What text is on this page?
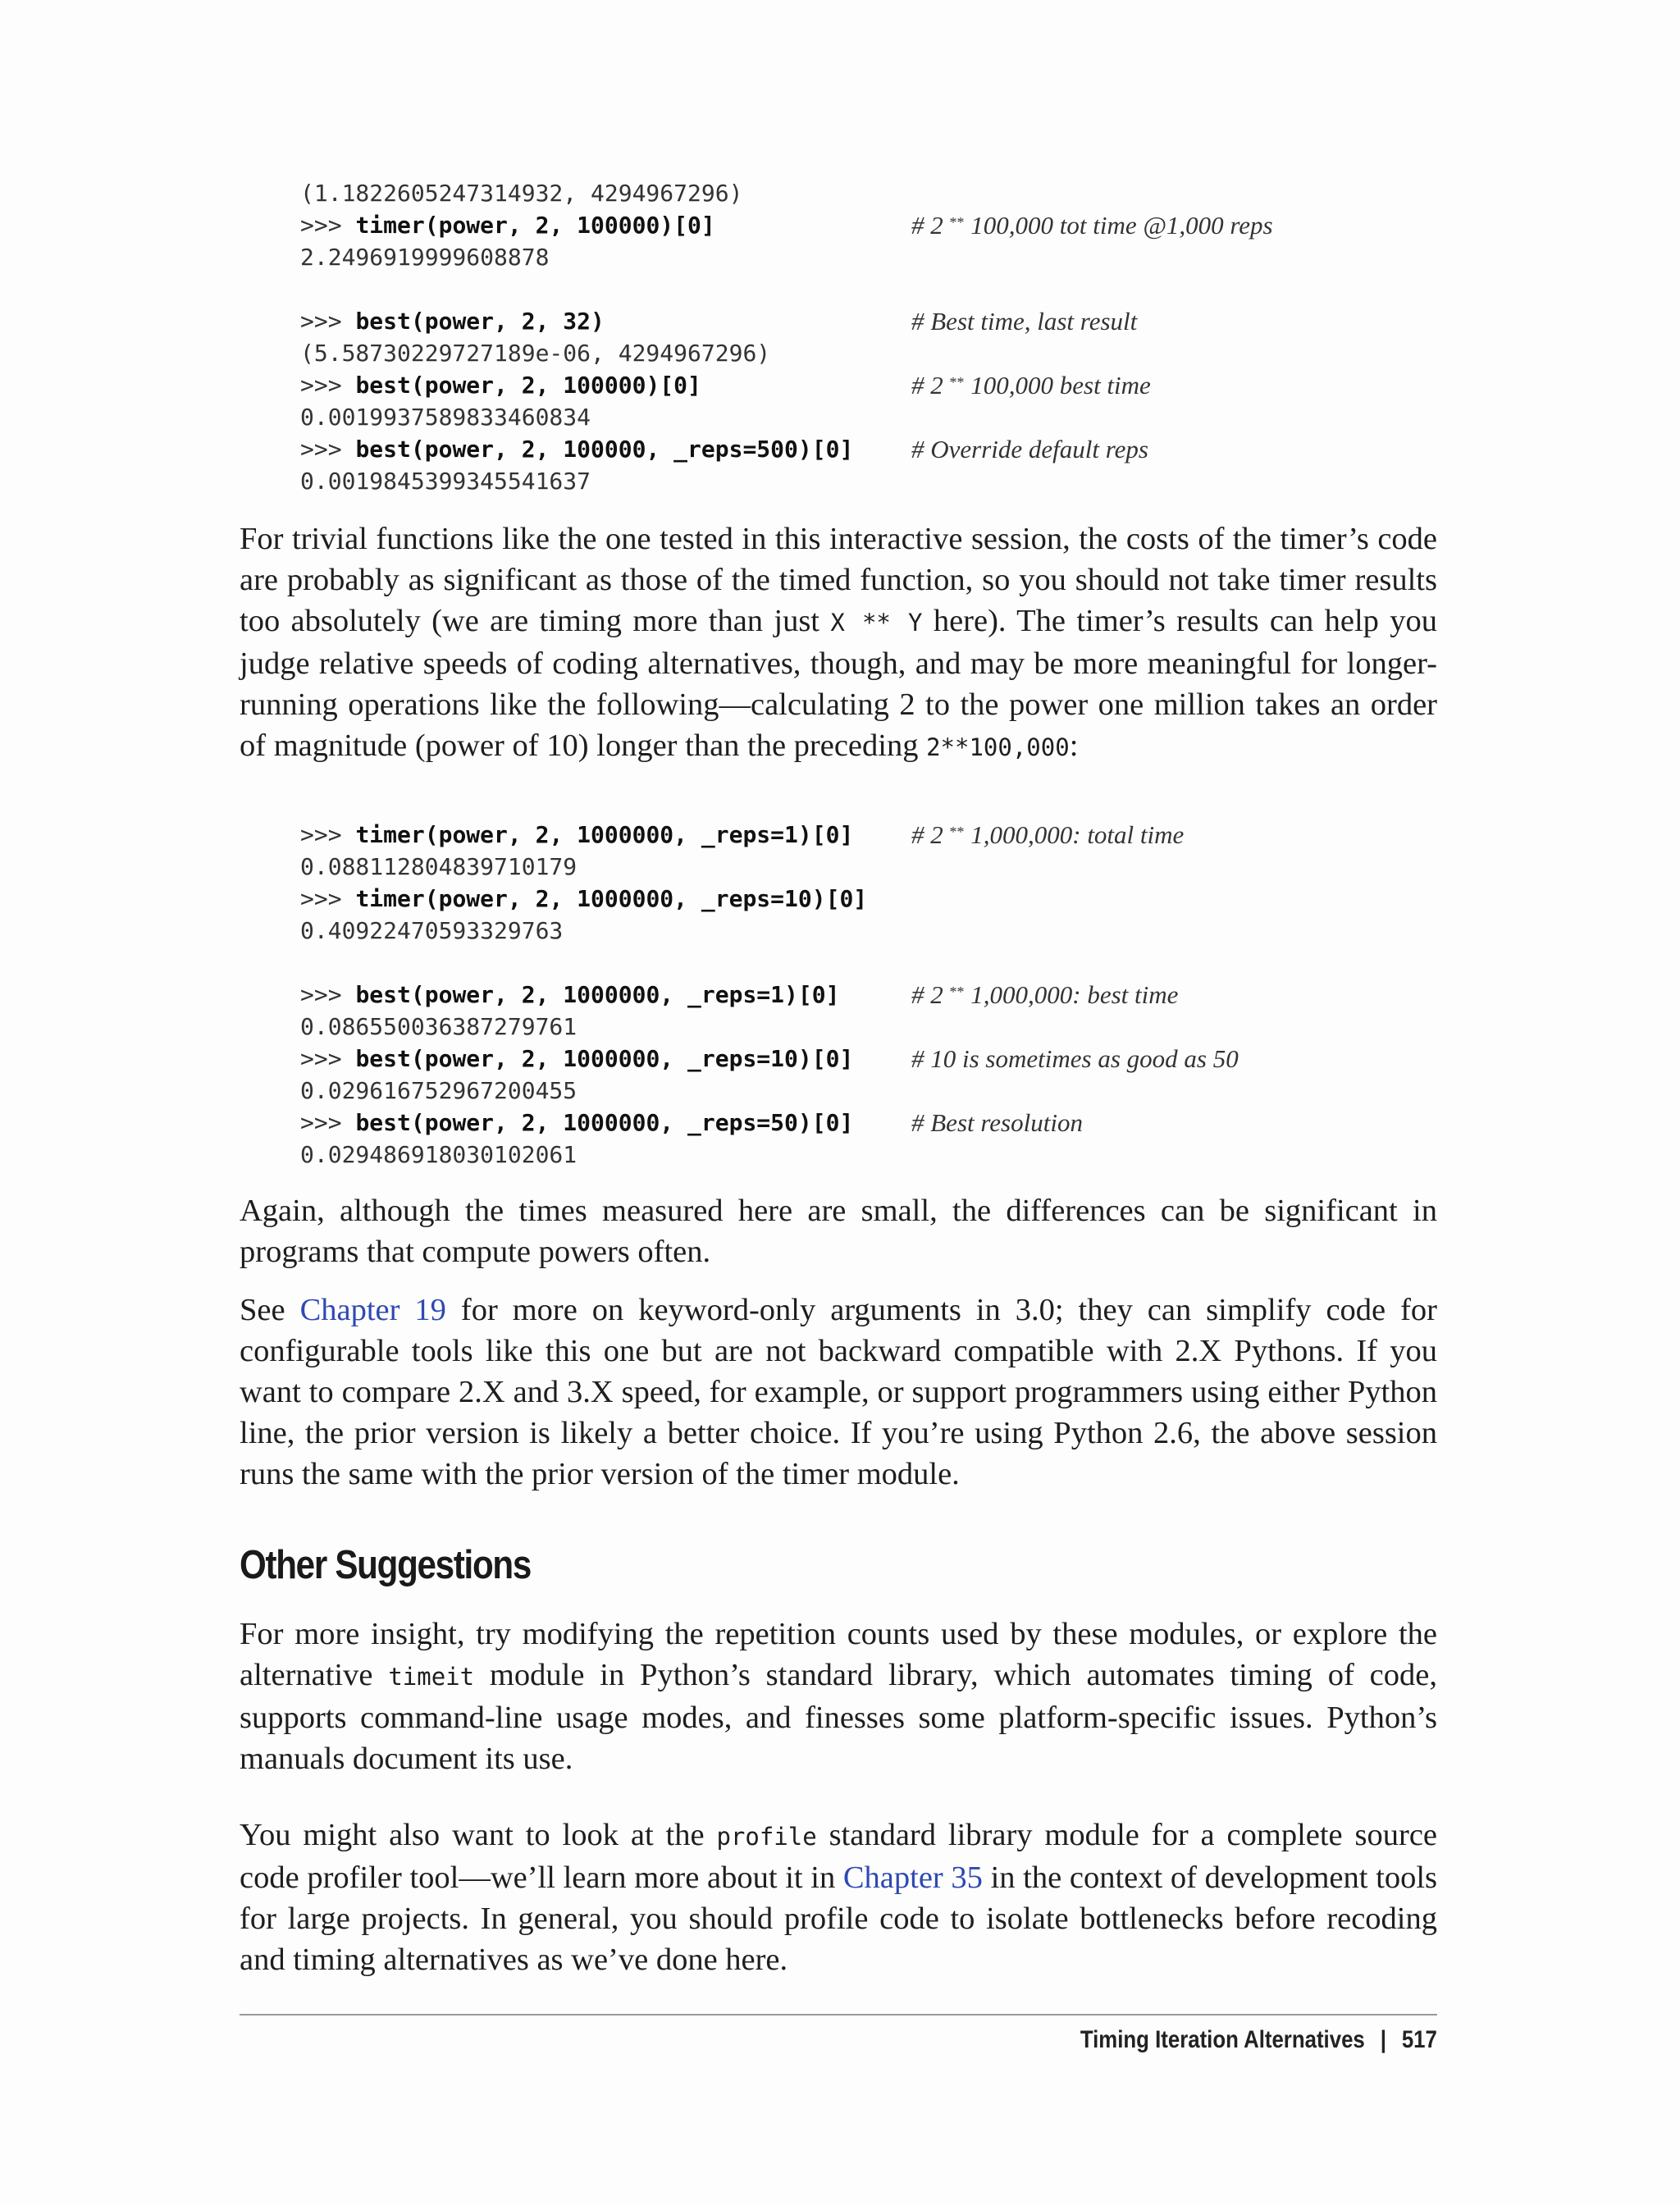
(1.1822605247314932, 4294967296)
>>> timer(power, 2, 100000)[0]	# 2 ** 100,000 tot time @1,000 reps
2.2496919999608878
>>> best(power, 2, 32)	# Best time, last result
(5.58730229727189e-06, 4294967296)
>>> best(power, 2, 100000)[0]	# 2 ** 100,000 best time
0.0019937589833460834
>>> best(power, 2, 100000, _reps=500)[0] # Override default reps
0.0019845399345541637

For trivial functions like the one tested in this interactive session, the costs of the timer’s code are probably as significant as those of the timed function, so you should not take timer results too absolutely (we are timing more than just X ** Y here). The timer’s results can help you judge relative speeds of coding alternatives, though, and may be more meaningful for longer-running operations like the following—calculating 2 to the power one million takes an order of magnitude (power of 10) longer than the preceding 2**100,000:

>>> timer(power, 2, 1000000, _reps=1)[0] # 2 ** 1,000,000: total time
0.088112804839710179
>>> timer(power, 2, 1000000, _reps=10)[0]
0.40922470593329763
>>> best(power, 2, 1000000, _reps=1)[0]	# 2 ** 1,000,000: best time
0.086550036387279761
>>> best(power, 2, 1000000, _reps=10)[0] # 10 is sometimes as good as 50
0.029616752967200455
>>> best(power, 2, 1000000, _reps=50)[0] # Best resolution
0.029486918030102061

Again, although the times measured here are small, the differences can be significant in programs that compute powers often.

See Chapter 19 for more on keyword-only arguments in 3.0; they can simplify code for configurable tools like this one but are not backward compatible with 2.X Pythons. If you want to compare 2.X and 3.X speed, for example, or support programmers using either Python line, the prior version is likely a better choice. If you’re using Python 2.6, the above session runs the same with the prior version of the timer module.

Other Suggestions

For more insight, try modifying the repetition counts used by these modules, or explore the alternative timeit module in Python’s standard library, which automates timing of code, supports command-line usage modes, and finesses some platform-specific issues. Python’s manuals document its use.

You might also want to look at the profile standard library module for a complete source code profiler tool—we’ll learn more about it in Chapter 35 in the context of development tools for large projects. In general, you should profile code to isolate bottlenecks before recoding and timing alternatives as we’ve done here.

Timing Iteration Alternatives | 517
